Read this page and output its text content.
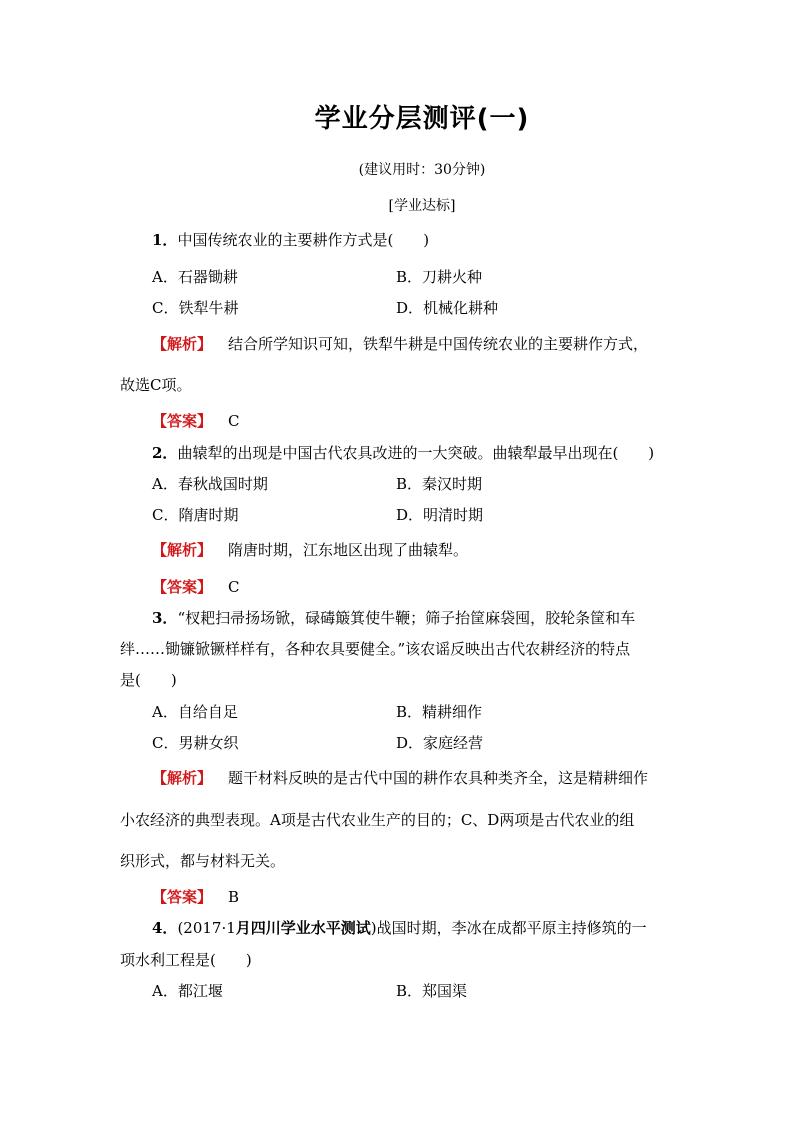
学业分层测评(一)
(建议用时：30分钟)
[学业达标]
1．中国传统农业的主要耕作方式是(　　)
A．石器锄耕	B．刀耕火种
C．铁犁牛耕	D．机械化耕种
【解析】 结合所学知识可知，铁犁牛耕是中国传统农业的主要耕作方式，
故选C项。
【答案】 C
2．曲辕犁的出现是中国古代农具改进的一大突破。曲辕犁最早出现在(　　)
A．春秋战国时期	B．秦汉时期
C．隋唐时期	D．明清时期
【解析】 隋唐时期，江东地区出现了曲辕犁。
【答案】 C
3．“杈耙扫帚扬场锨，碌碡簸箕使牛鞭；筛子抬筐麻袋囤，胶轮条筐和车
绊……锄镰锨镢样样有，各种农具要健全。”该农谣反映出古代农耕经济的特点
是(　　)
A．自给自足	B．精耕细作
C．男耕女织	D．家庭经营
【解析】 题干材料反映的是古代中国的耕作农具种类齐全，这是精耕细作
小农经济的典型表现。A项是古代农业生产的目的；C、D两项是古代农业的组
织形式，都与材料无关。
【答案】 B
4．(2017·1月四川学业水平测试)战国时期，李冰在成都平原主持修筑的一
项水利工程是(　　)
A．都江堰	B．郑国渠
